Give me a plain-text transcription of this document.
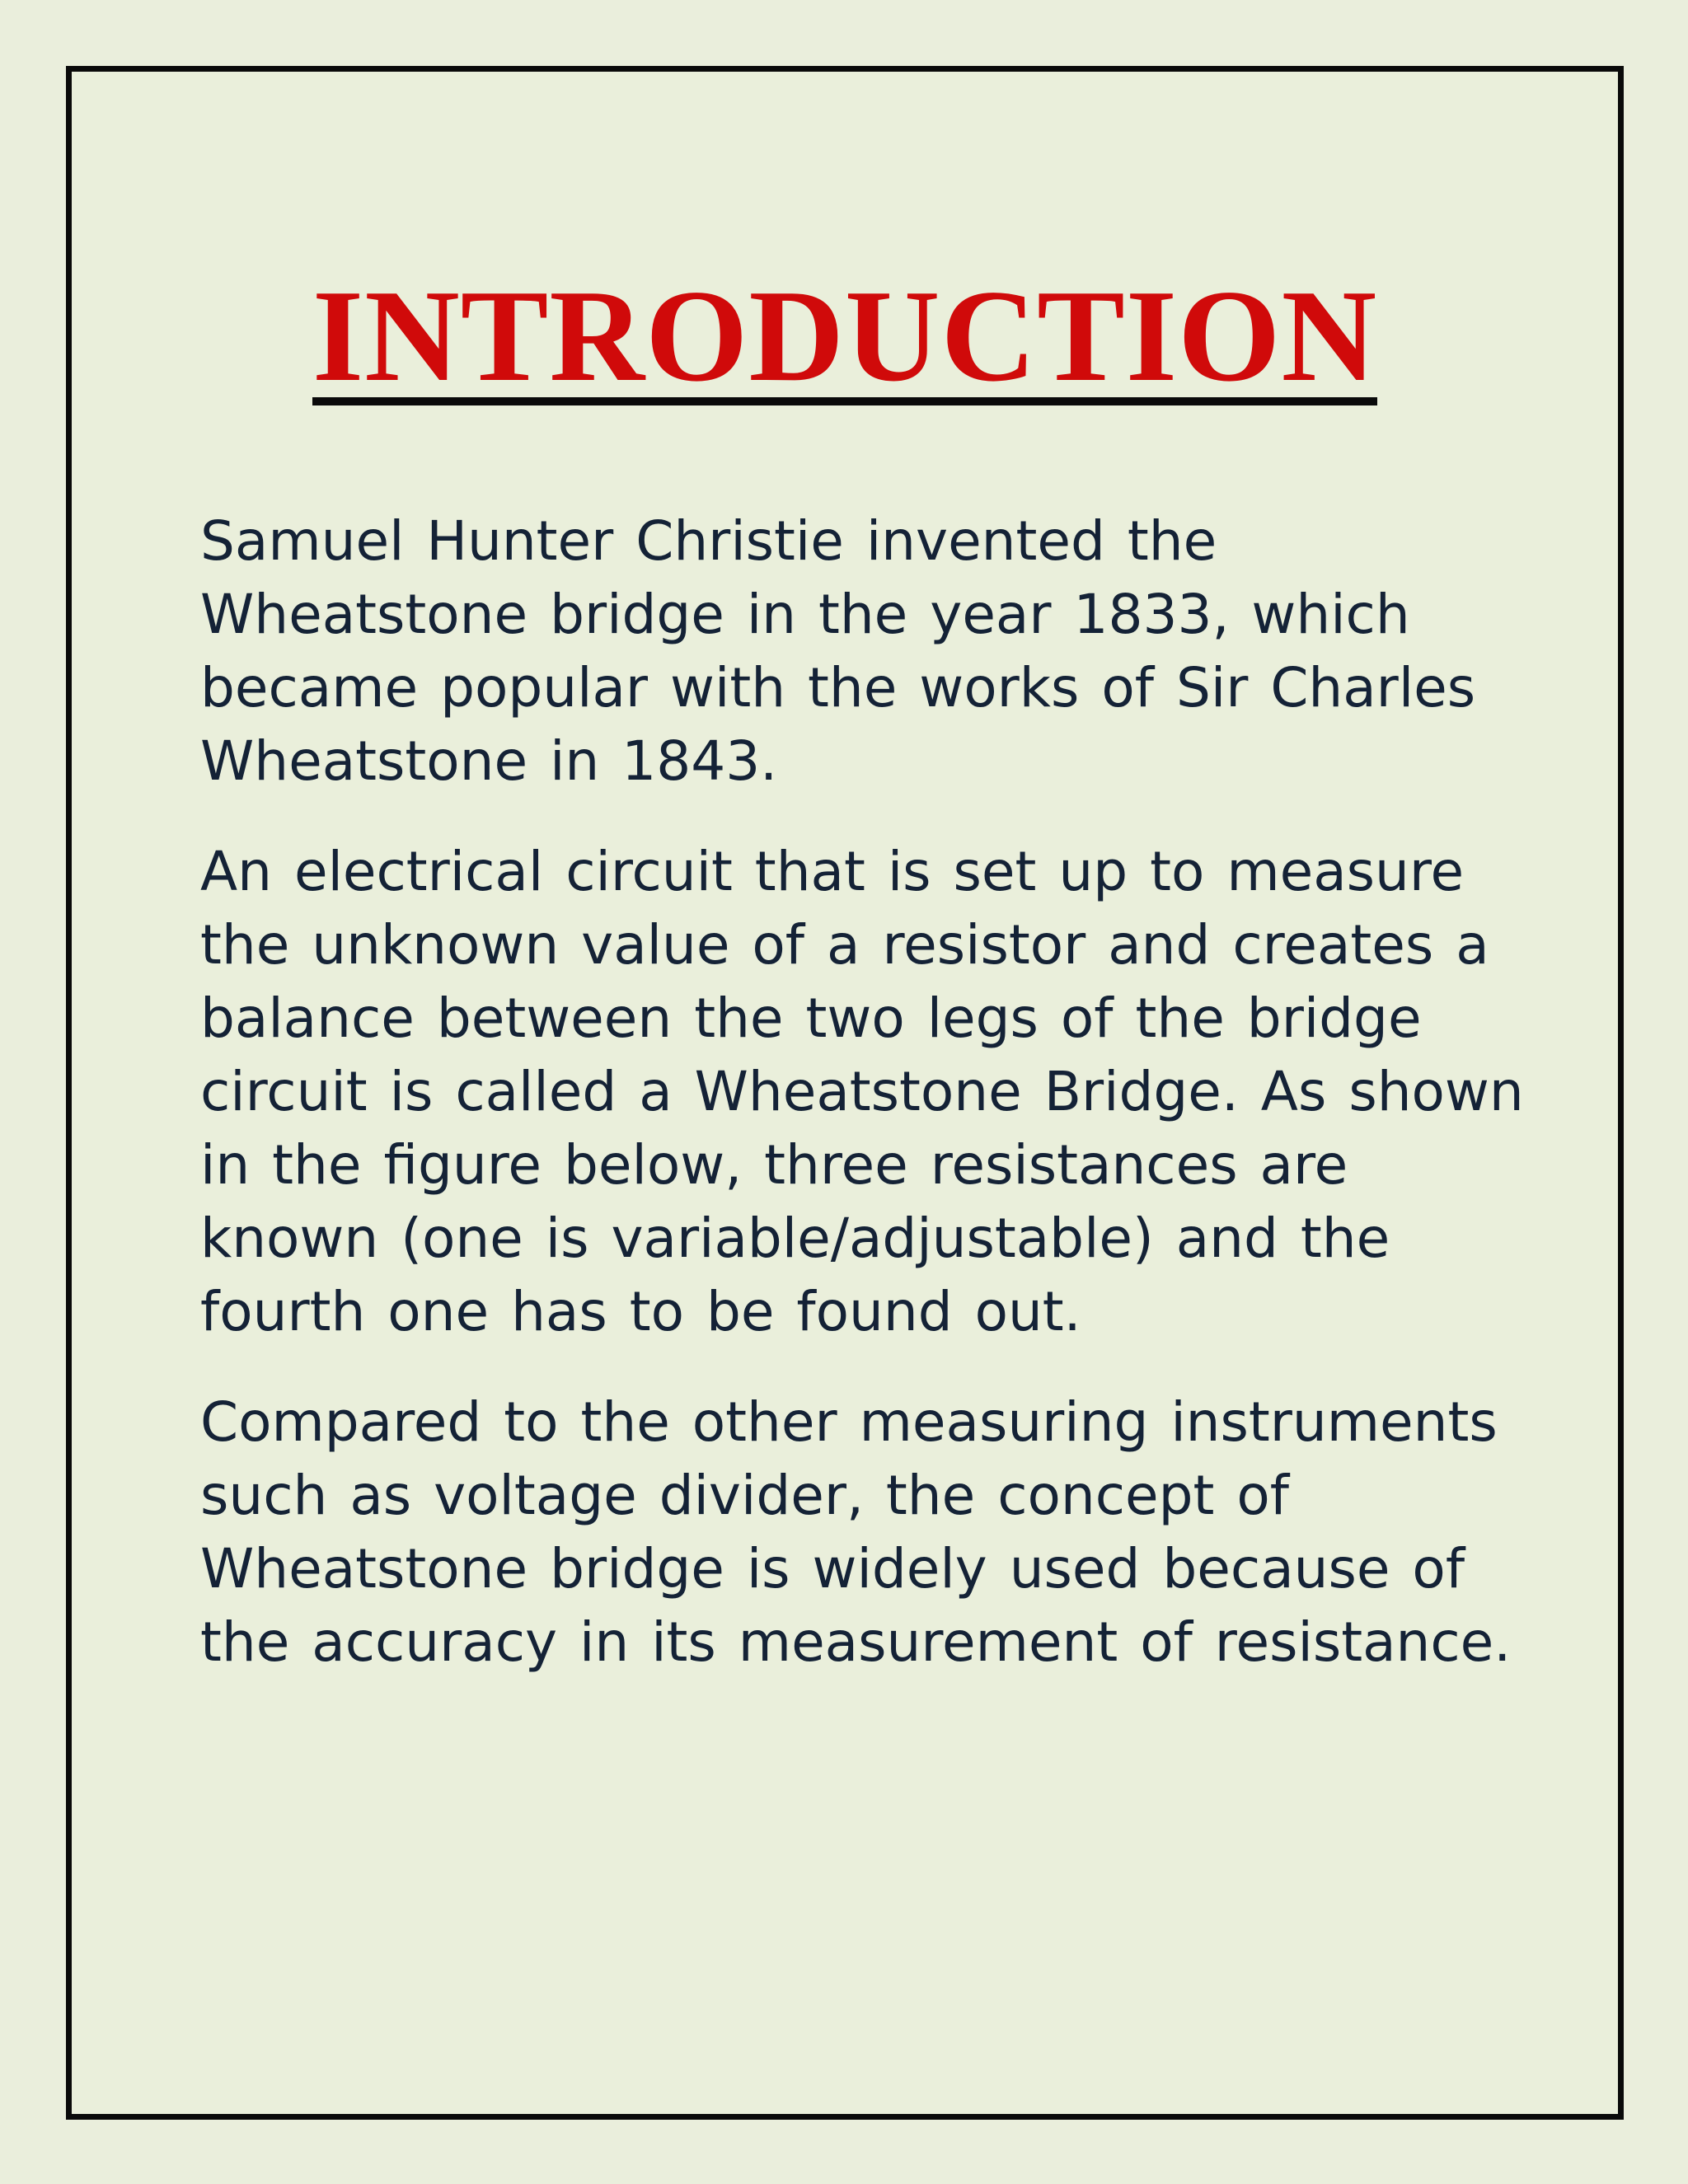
INTRODUCTION

Samuel Hunter Christie invented the Wheatstone bridge in the year 1833, which became popular with the works of Sir Charles Wheatstone in 1843.

An electrical circuit that is set up to measure the unknown value of a resistor and creates a balance between the two legs of the bridge circuit is called a Wheatstone Bridge. As shown in the figure below, three resistances are known (one is variable/adjustable) and the fourth one has to be found out.

Compared to the other measuring instruments such as voltage divider, the concept of Wheatstone bridge is widely used because of the accuracy in its measurement of resistance.
